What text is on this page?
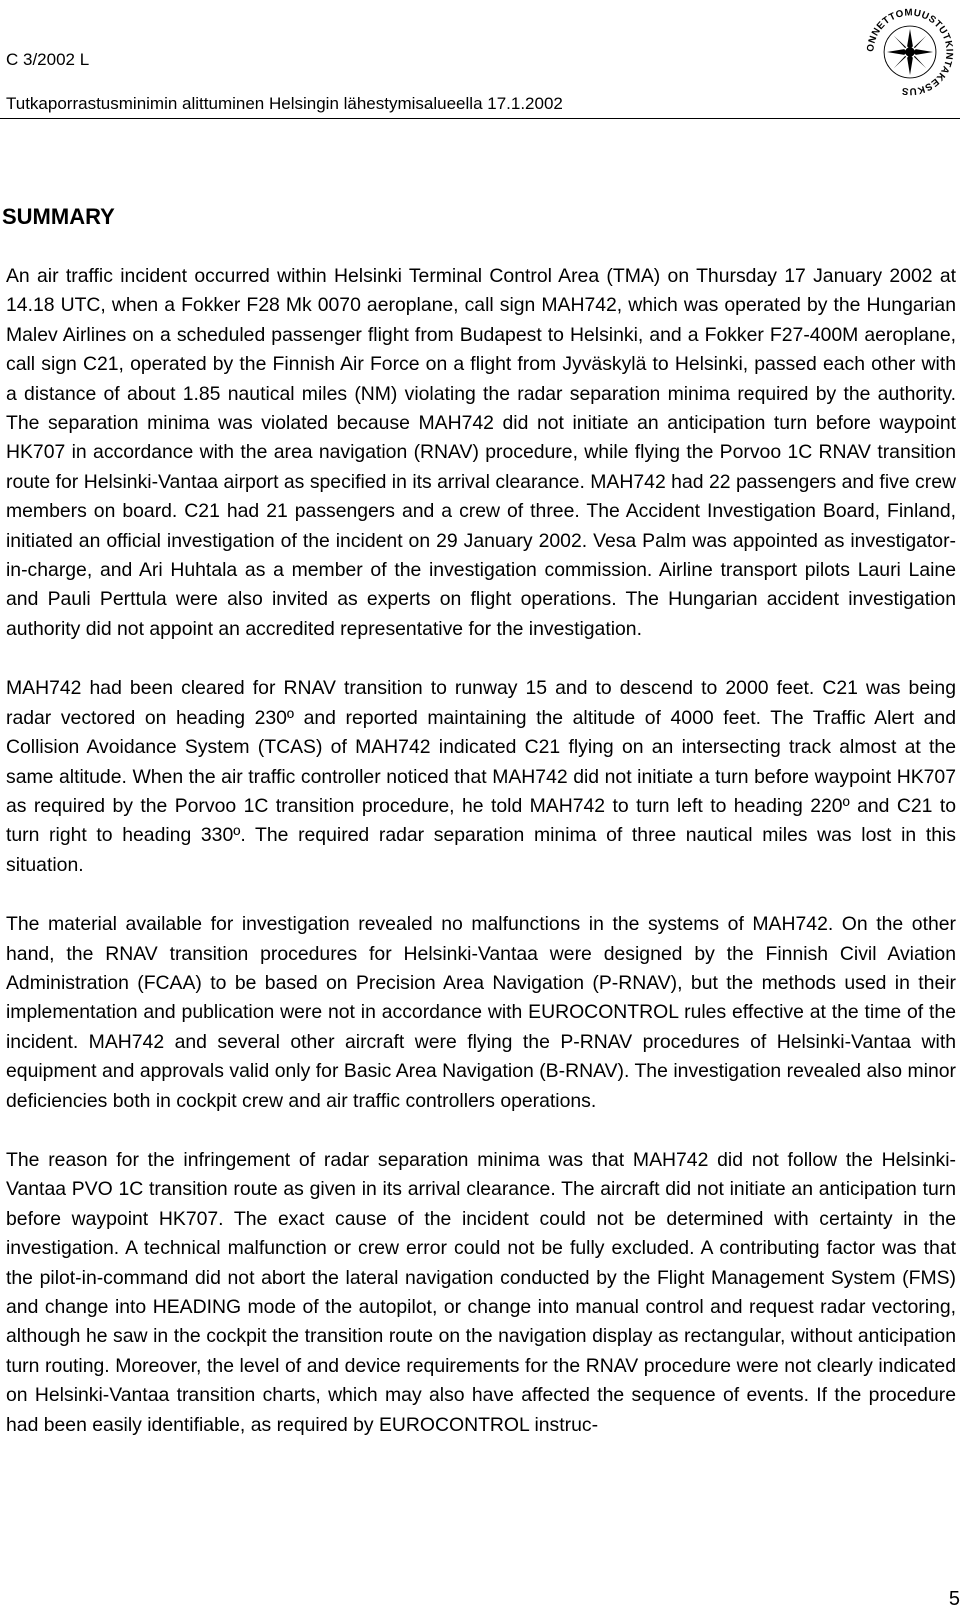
C 3/2002 L
Tutkaporrastusminimin alittuminen Helsingin lähestymisalueella 17.1.2002
ONNETTOMUUSTUTKINTAKESKUS
SUMMARY

An air traffic incident occurred within Helsinki Terminal Control Area (TMA) on Thursday 17 January 2002 at 14.18 UTC, when a Fokker F28 Mk 0070 aeroplane, call sign MAH742, which was operated by the Hungarian Malev Airlines on a scheduled passenger flight from Budapest to Helsinki, and a Fokker F27-400M aeroplane, call sign C21, operated by the Finnish Air Force on a flight from Jyväskylä to Helsinki, passed each other with a distance of about 1.85 nautical miles (NM) violating the radar separation minima required by the authority. The separation minima was violated because MAH742 did not initiate an anticipation turn before waypoint HK707 in accordance with the area navigation (RNAV) procedure, while flying the Porvoo 1C RNAV transition route for Helsinki-Vantaa airport as specified in its arrival clearance. MAH742 had 22 passengers and five crew members on board. C21 had 21 passengers and a crew of three. The Accident Investigation Board, Finland, initiated an official investigation of the incident on 29 January 2002. Vesa Palm was appointed as investigator-in-charge, and Ari Huhtala as a member of the investigation commission. Airline transport pilots Lauri Laine and Pauli Perttula were also invited as experts on flight operations. The Hungarian accident investigation authority did not appoint an accredited representative for the investigation.

MAH742 had been cleared for RNAV transition to runway 15 and to descend to 2000 feet. C21 was being radar vectored on heading 230º and reported maintaining the altitude of 4000 feet. The Traffic Alert and Collision Avoidance System (TCAS) of MAH742 indicated C21 flying on an intersecting track almost at the same altitude. When the air traffic controller noticed that MAH742 did not initiate a turn before waypoint HK707 as required by the Porvoo 1C transition procedure, he told MAH742 to turn left to heading 220º and C21 to turn right to heading 330º. The required radar separation minima of three nautical miles was lost in this situation.

The material available for investigation revealed no malfunctions in the systems of MAH742. On the other hand, the RNAV transition procedures for Helsinki-Vantaa were designed by the Finnish Civil Aviation Administration (FCAA) to be based on Precision Area Navigation (P-RNAV), but the methods used in their implementation and publication were not in accordance with EUROCONTROL rules effective at the time of the incident. MAH742 and several other aircraft were flying the P-RNAV procedures of Helsinki-Vantaa with equipment and approvals valid only for Basic Area Navigation (B-RNAV). The investigation revealed also minor deficiencies both in cockpit crew and air traffic controllers operations.

The reason for the infringement of radar separation minima was that MAH742 did not follow the Helsinki-Vantaa PVO 1C transition route as given in its arrival clearance. The aircraft did not initiate an anticipation turn before waypoint HK707. The exact cause of the incident could not be determined with certainty in the investigation. A technical malfunction or crew error could not be fully excluded. A contributing factor was that the pilot-in-command did not abort the lateral navigation conducted by the Flight Management System (FMS) and change into HEADING mode of the autopilot, or change into manual control and request radar vectoring, although he saw in the cockpit the transition route on the navigation display as rectangular, without anticipation turn routing. Moreover, the level of and device requirements for the RNAV procedure were not clearly indicated on Helsinki-Vantaa transition charts, which may also have affected the sequence of events. If the procedure had been easily identifiable, as required by EUROCONTROL instruc-

5
